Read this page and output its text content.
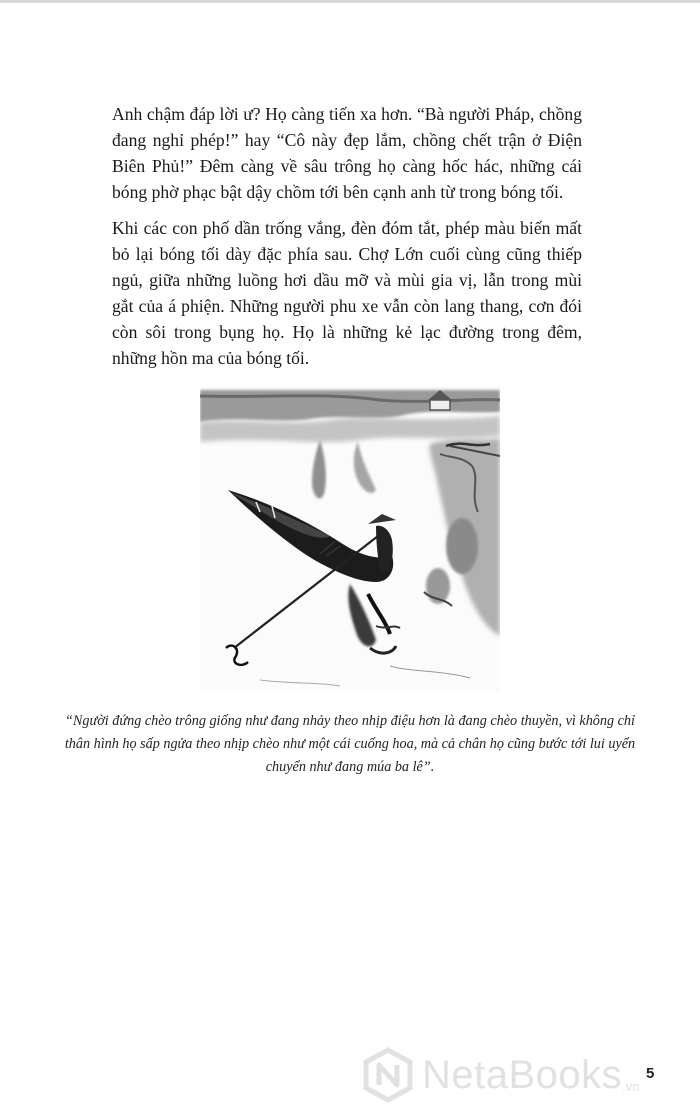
Anh chậm đáp lời ư? Họ càng tiến xa hơn. “Bà người Pháp, chồng đang nghỉ phép!” hay “Cô này đẹp lắm, chồng chết trận ở Điện Biên Phủ!” Đêm càng về sâu trông họ càng hốc hác, những cái bóng phờ phạc bật dậy chồm tới bên cạnh anh từ trong bóng tối.

Khi các con phố dần trống vắng, đèn đóm tắt, phép màu biến mất bỏ lại bóng tối dày đặc phía sau. Chợ Lớn cuối cùng cũng thiếp ngủ, giữa những luồng hơi dầu mỡ và mùi gia vị, lẫn trong mùi gắt của á phiện. Những người phu xe vẫn còn lang thang, cơn đói còn sôi trong bụng họ. Họ là những kẻ lạc đường trong đêm, những hồn ma của bóng tối.

“Người đứng chèo trông giống như đang nhảy theo nhịp điệu hơn là đang chèo thuyền, vì không chỉ thân hình họ sấp ngửa theo nhịp chèo như một cái cuống hoa, mà cả chân họ cũng bước tới lui uyển chuyển như đang múa ba lê”.

NetaBooks .vn
5
